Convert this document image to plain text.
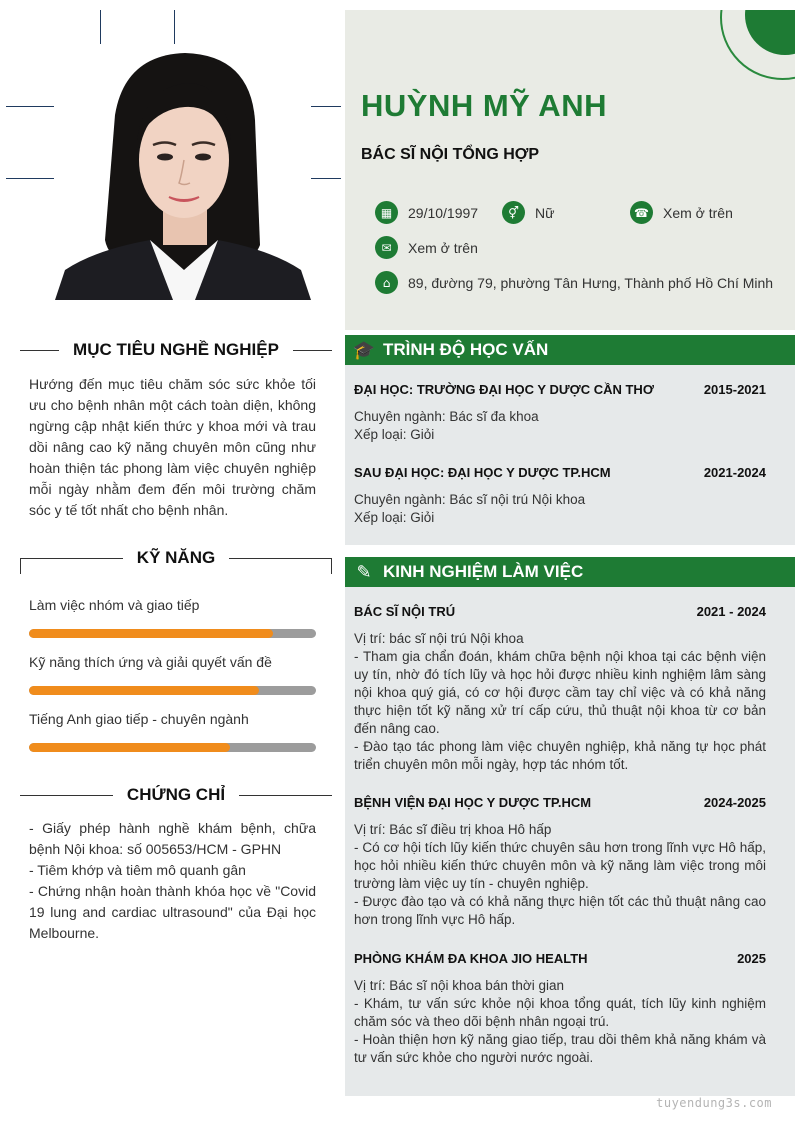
HUỲNH MỸ ANH
BÁC SĨ NỘI TỔNG HỢP
▦	29/10/1997	⚥	Nữ	☎ Xem ở trên
✉	Xem ở trên
⌂	89, đường 79, phường Tân Hưng, Thành phố Hồ Chí Minh
MỤC TIÊU NGHỀ NGHIỆP
Hướng đến mục tiêu chăm sóc sức khỏe tối ưu cho bệnh nhân một cách toàn diện, không ngừng cập nhật kiến thức y khoa mới và trau dồi nâng cao kỹ năng chuyên môn cũng như hoàn thiện tác phong làm việc chuyên nghiệp mỗi ngày nhằm đem đến môi trường chăm sóc y tế tốt nhất cho bệnh nhân.
KỸ NĂNG
Làm việc nhóm và giao tiếp
Kỹ năng thích ứng và giải quyết vấn đề
Tiếng Anh giao tiếp - chuyên ngành
CHỨNG CHỈ
- Giấy phép hành nghề khám bệnh, chữa bệnh Nội khoa: số 005653/HCM - GPHN
- Tiêm khớp và tiêm mô quanh gân
- Chứng nhận hoàn thành khóa học về "Covid 19 lung and cardiac ultrasound" của Đại học Melbourne.
🎓 TRÌNH ĐỘ HỌC VẤN
ĐẠI HỌC: TRƯỜNG ĐẠI HỌC Y DƯỢC CẦN THƠ	2015-2021
Chuyên ngành: Bác sĩ đa khoa
Xếp loại: Giỏi
SAU ĐẠI HỌC: ĐẠI HỌC Y DƯỢC TP.HCM	2021-2024
Chuyên ngành: Bác sĩ nội trú Nội khoa
Xếp loại: Giỏi
✎ KINH NGHIỆM LÀM VIỆC
BÁC SĨ NỘI TRÚ	2021 - 2024
Vị trí: bác sĩ nội trú Nội khoa
- Tham gia chẩn đoán, khám chữa bệnh nội khoa tại các bệnh viện uy tín, nhờ đó tích lũy và học hỏi được nhiều kinh nghiệm lâm sàng nội khoa quý giá, có cơ hội được cầm tay chỉ việc và có khả năng thực hiện tốt kỹ năng xử trí cấp cứu, thủ thuật nội khoa từ cơ bản đến nâng cao.
- Đào tạo tác phong làm việc chuyên nghiệp, khả năng tự học phát triển chuyên môn mỗi ngày, hợp tác nhóm tốt.
BỆNH VIỆN ĐẠI HỌC Y DƯỢC TP.HCM	2024-2025
Vị trí: Bác sĩ điều trị khoa Hô hấp
- Có cơ hội tích lũy kiến thức chuyên sâu hơn trong lĩnh vực Hô hấp, học hỏi nhiều kiến thức chuyên môn và kỹ năng làm việc trong môi trường làm việc uy tín - chuyên nghiệp.
- Được đào tạo và có khả năng thực hiện tốt các thủ thuật nâng cao hơn trong lĩnh vực Hô hấp.
PHÒNG KHÁM ĐA KHOA JIO HEALTH	2025
Vị trí: Bác sĩ nội khoa bán thời gian
- Khám, tư vấn sức khỏe nội khoa tổng quát, tích lũy kinh nghiệm chăm sóc và theo dõi bệnh nhân ngoại trú.
- Hoàn thiện hơn kỹ năng giao tiếp, trau dồi thêm khả năng khám và tư vấn sức khỏe cho người nước ngoài.
tuyendung3s.com
